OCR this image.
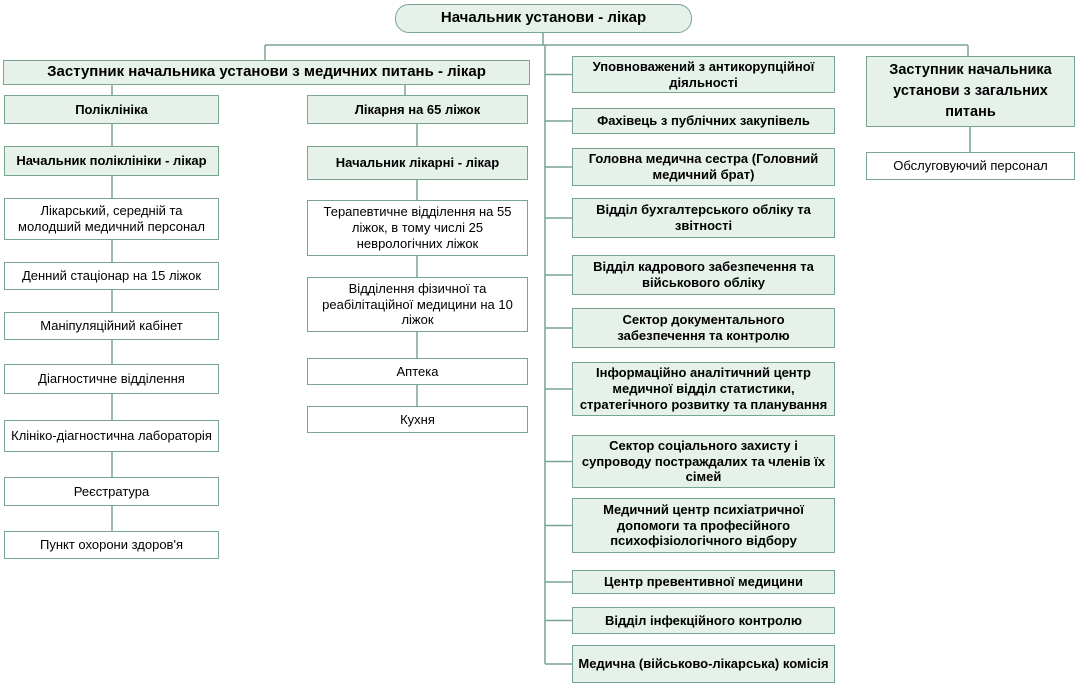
Начальник установи - лікар
Заступник начальника установи з медичних питань - лікар
Поліклініка
Начальник поліклініки - лікар
Лікарський, середній та молодший медичний персонал
Денний стаціонар на 15 ліжок
Маніпуляційний кабінет
Діагностичне відділення
Клініко-діагностична лабораторія
Реєстратура
Пункт охорони здоров'я
Лікарня на 65 ліжок
Начальник лікарні - лікар
Терапевтичне відділення на 55 ліжок, в тому числі 25 неврологічних ліжок
Відділення фізичної та реабілітаційної медицини на 10 ліжок
Аптека
Кухня
Уповноважений з антикорупційної діяльності
Фахівець з публічних закупівель
Головна медична сестра (Головний медичний брат)
Відділ бухгалтерського обліку та звітності
Відділ кадрового забезпечення та військового обліку
Сектор документального забезпечення та контролю
Інформаційно аналітичний центр медичної відділ статистики, стратегічного розвитку та планування
Сектор соціального захисту і супроводу постраждалих та членів їх сімей
Медичний центр психіатричної допомоги та професійного психофізіологічного відбору
Центр превентивної медицини
Відділ інфекційного контролю
Медична (військово-лікарська) комісія
Заступник начальника установи з загальних питань
Обслуговуючий персонал
